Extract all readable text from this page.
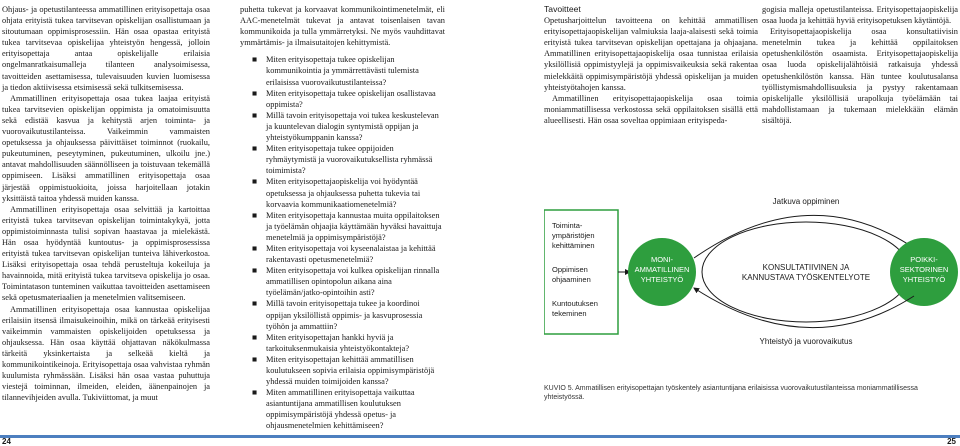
Ohjaus- ja opetustilanteessa ammatillinen erityisopettaja osaa ohjata erityistä tukea tarvitsevan opiskelijan osallistumaan ja sitoutumaan oppimisprosessiin. Hän osaa opastaa erityistä tukea tarvitsevaa opiskelijaa yhteistyön hengessä, jolloin erityisopettaja antaa opiskelijalle erilaisia ongelmanratkaisumalleja tilanteen analysoimisessa, tavoitteiden asettamisessa, tulevaisuuden kuvien luomisessa ja tiedon aktiivisessa etsimisessä sekä tulkitsemisessa.

Ammatillinen erityisopettaja osaa tukea laajaa erityistä tukea tarvitsevien opiskelijan oppimista ja omatoimisuutta sekä edistää kasvua ja kehitystä arjen toiminta- ja vuorovaikutustilanteissa. Vaikeimmin vammaisten opetuksessa ja ohjauksessa päivittäiset toiminnot (ruokailu, pukeutuminen, peseytyminen, pukeutuminen, ulkoilu jne.) antavat mahdollisuuden säännölliseen ja toistuvaan tekemällä oppimiseen. Lisäksi ammatillinen erityisopettaja osaa järjestää oppimistuokioita, joissa harjoitellaan jotakin yksittäistä taitoa yhdessä muiden kanssa.

Ammatillinen erityisopettaja osaa selvittää ja kartoittaa erityistä tukea tarvitsevan opiskelijan toimintakykyä, jotta oppimistoiminnasta tulisi sopivan haastavaa ja mielekästä. Hän osaa hyödyntää kuntoutus- ja oppimisprosessissa erityistä tukea tarvitsevan opiskelijan tunteiva lähiverkostoa. Lisäksi erityisopettaja osaa tehdä perusteltuja kokeiluja ja havainnoida, mitä erityistä tukea tarvitseva opiskelija jo osaa. Toimintatason tunteminen vaikuttaa tavoitteiden asettamiseen sekä opetusmateriaalien ja menetelmien valitsemiseen.

Ammatillinen erityisopettaja osaa kannustaa opiskelijaa erilaisiin itsensä ilmaisukeinoihin, mikä on tärkeää erityisesti vaikeimmin vammaisten opiskelijoiden opetuksessa ja ohjauksessa. Hän osaa käyttää ohjattavan näkökulmassa tärkeitä yksinkertaista ja selkeää kieltä ja kommunikointikeinoja. Erityisopettaja osaa vahvistaa ryhmän kuulumista ryhmässään. Lisäksi hän osaa vastaa puhuttuja viestejä toiminnan, ilmeiden, eleiden, äänenpainojen ja tilannevihjeiden avulla. Tukiviittomat, ja muut

puhetta tukevat ja korvaavat kommunikointimenetelmät, eli AAC-menetelmät tukevat ja antavat toisenlaisen tavan kommunikoida ja tulla ymmärretyksi. Ne myös vauhdittavat ymmärtämis- ja ilmaisutaitojen kehittymistä.

■ Miten erityisopettaja tukee opiskelijan kommunikointia ja ymmärrettävästi tulemista erilaisissa vuorovaikutustilanteissa?
■ Miten erityisopettaja tukee opiskelijan osallistavaa oppimista?
■ Millä tavoin erityisopettaja voi tukea keskustelevan ja kuuntelevan dialogin syntymistä oppijan ja yhteistyökumppanin kanssa?
■ Miten erityisopettaja tukee oppijoiden ryhmäytymistä ja vuorovaikutuksellista ryhmässä toimimista?
■ Miten erityisopettajaopiskelija voi hyödyntää opetuksessa ja ohjauksessa puhetta tukevia tai korvaavia kommunikaatiomenetelmiä?
■ Miten erityisopettaja kannustaa muita oppilaitoksen ja työelämän ohjaajia käyttämään hyväksi havaittuja menetelmiä ja oppimisympäristöjä?
■ Miten erityisopettaja voi kyseenalaistaa ja kehittää rakentavasti opetusmenetelmiä?
■ Miten erityisopettaja voi kulkea opiskelijan rinnalla ammatillisen opintopolun aikana aina työelämän/jatko-opintoihin asti?
■ Millä tavoin erityisopettaja tukee ja koordinoi oppijan yksilöllistä oppimis- ja kasvuprosessia työhön ja ammattiin?
■ Miten erityisopettajan hankki hyviä ja tarkoituksenmukaisia yhteistyökontakteja?
■ Miten erityisopettajan kehittää ammatillisen koulutukseen sopivia erilaisia oppimisympäristöjä yhdessä muiden toimijoiden kanssa?
■ Miten ammatillinen erityisopettaja vaikuttaa asiantuntijana ammatillisen koulutuksen oppimisympäristöjä yhdessä opetus- ja ohjausmenetelmien kehittämiseen?
Tavoitteet

Opetusharjoittelun tavoitteena on kehittää ammatillisen erityisopettajaopiskelijan valmiuksia laaja-alaisesti sekä toimia erityistä tukea tarvitsevan opiskelijan opettajana ja ohjaajana. Ammatillinen erityisopettajaopiskelija osaa tunnistaa erilaisia yksilöllisiä oppimistyylejä ja oppimisvaikeuksia sekä rakentaa mielekkäitä oppimisympäristöjä yhdessä opiskelijan ja muiden yhteistyötahojen kanssa.

Ammatillinen erityisopettajaopiskelija osaa toimia moniammatillisessa verkostossa sekä oppilaitoksen sisällä että alueellisesti. Hän osaa soveltaa oppimiaan erityispeda-

gogisia malleja opetustilanteissa. Erityisopettajaopiskelija osaa luoda ja kehittää hyviä erityisopetuksen käytäntöjä.

Erityisopettajaopiskelija osaa konsultatiivisin menetelmin tukea ja kehittää oppilaitoksen opetushenkilöstön osaamista. Erityisopettajaopiskelija osaa luoda opiskelijalähtöisiä ratkaisuja yhdessä opetushenkilöstön kanssa. Hän tuntee koulutusalansa työllistymismahdollisuuksia ja pystyy rakentamaan opiskelijalle yksilöllisiä urapolkuja työelämään tai mahdollistamaan ja tukemaan mielekkään elämän sisältöjä.

Toiminta-ympäristöjen kehittäminen
Oppimisen ohjaaminen
Kuntoutuksen tekeminen
MONI-AMMATILLINEN YHTEISTYÖ
Jatkuva oppiminen
KONSULTATIIVINEN JA KANNUSTAVA TYÖSKENTELYOTE
POIKKI-SEKTORINEN YHTEISTYÖ
Yhteistyö ja vuorovaikutus
KUVIO 5. Ammatillisen erityisopettajan työskentely asiantuntijana erilaisissa vuorovaikutustilanteissa moniammatillisessa yhteistyössä.
24	25
